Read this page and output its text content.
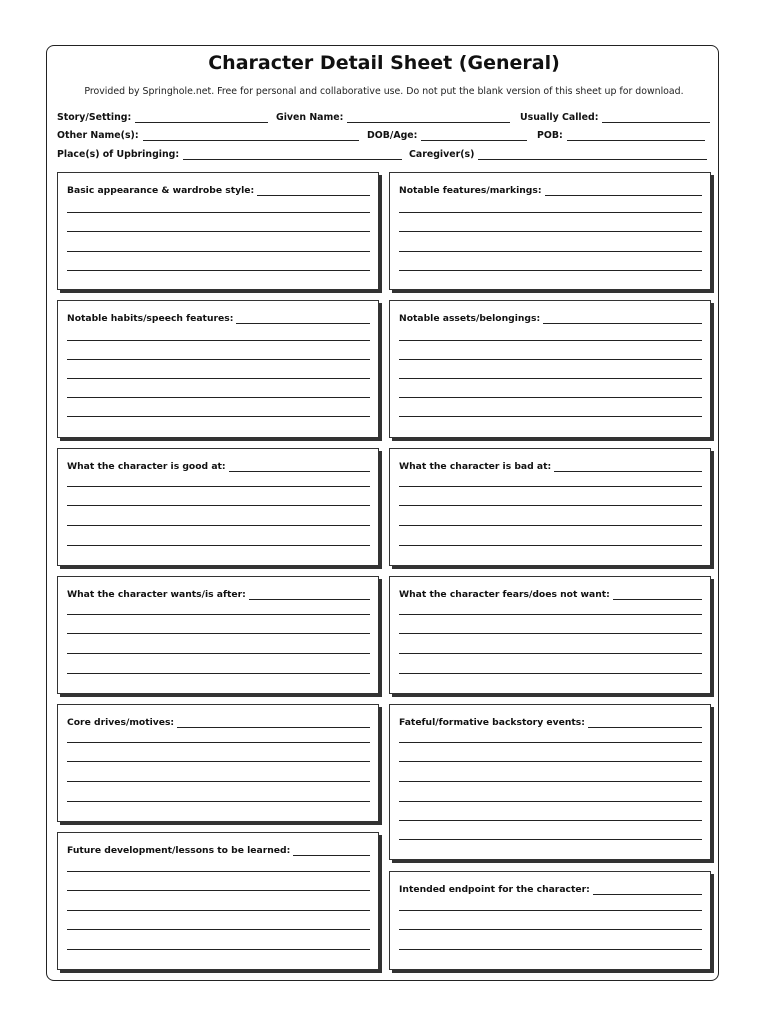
Character Detail Sheet (General)
Provided by Springhole.net. Free for personal and collaborative use. Do not put the blank version of this sheet up for download.
Story/Setting:	Given Name:	Usually Called:
Other Name(s):	DOB/Age:	POB:
Place(s) of Upbringing:	Caregiver(s)
Basic appearance & wardrobe style:	Notable features/markings:
Notable habits/speech features:	Notable assets/belongings:
What the character is good at:	What the character is bad at:
What the character wants/is after:	What the character fears/does not want:
Core drives/motives:	Fateful/formative backstory events:
Future development/lessons to be learned:
Intended endpoint for the character:
